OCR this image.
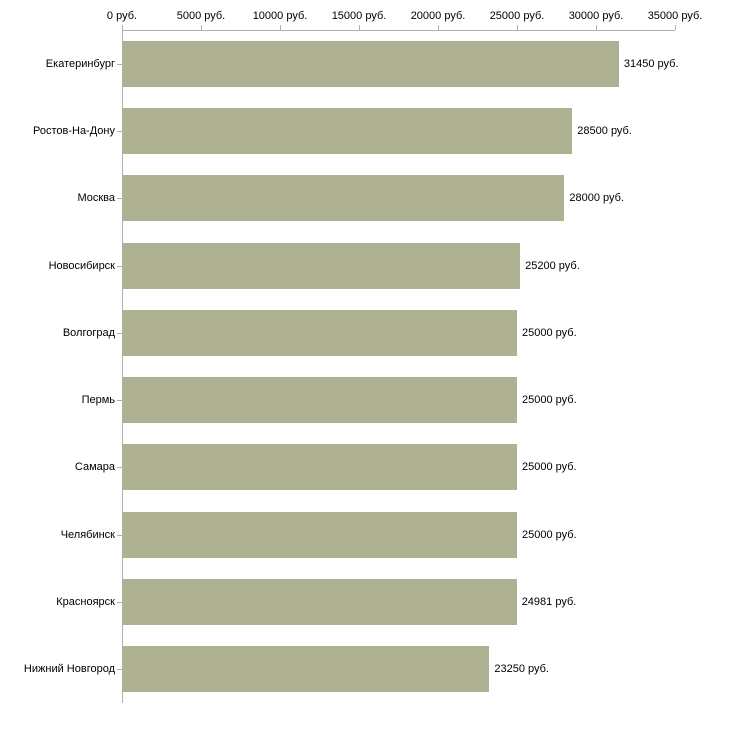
0 руб.	5000 руб. 10000 руб. 15000 руб. 20000 руб. 25000 руб. 30000 руб. 35000 руб.
Екатеринбург	31450 руб.
Ростов-На-Дону	28500 руб.
Москва	28000 руб.
Новосибирск	25200 руб.
Волгоград	25000 руб.
Пермь	25000 руб.
Самара	25000 руб.
Челябинск	25000 руб.
Красноярск	24981 руб.
Нижний Новгород	23250 руб.
